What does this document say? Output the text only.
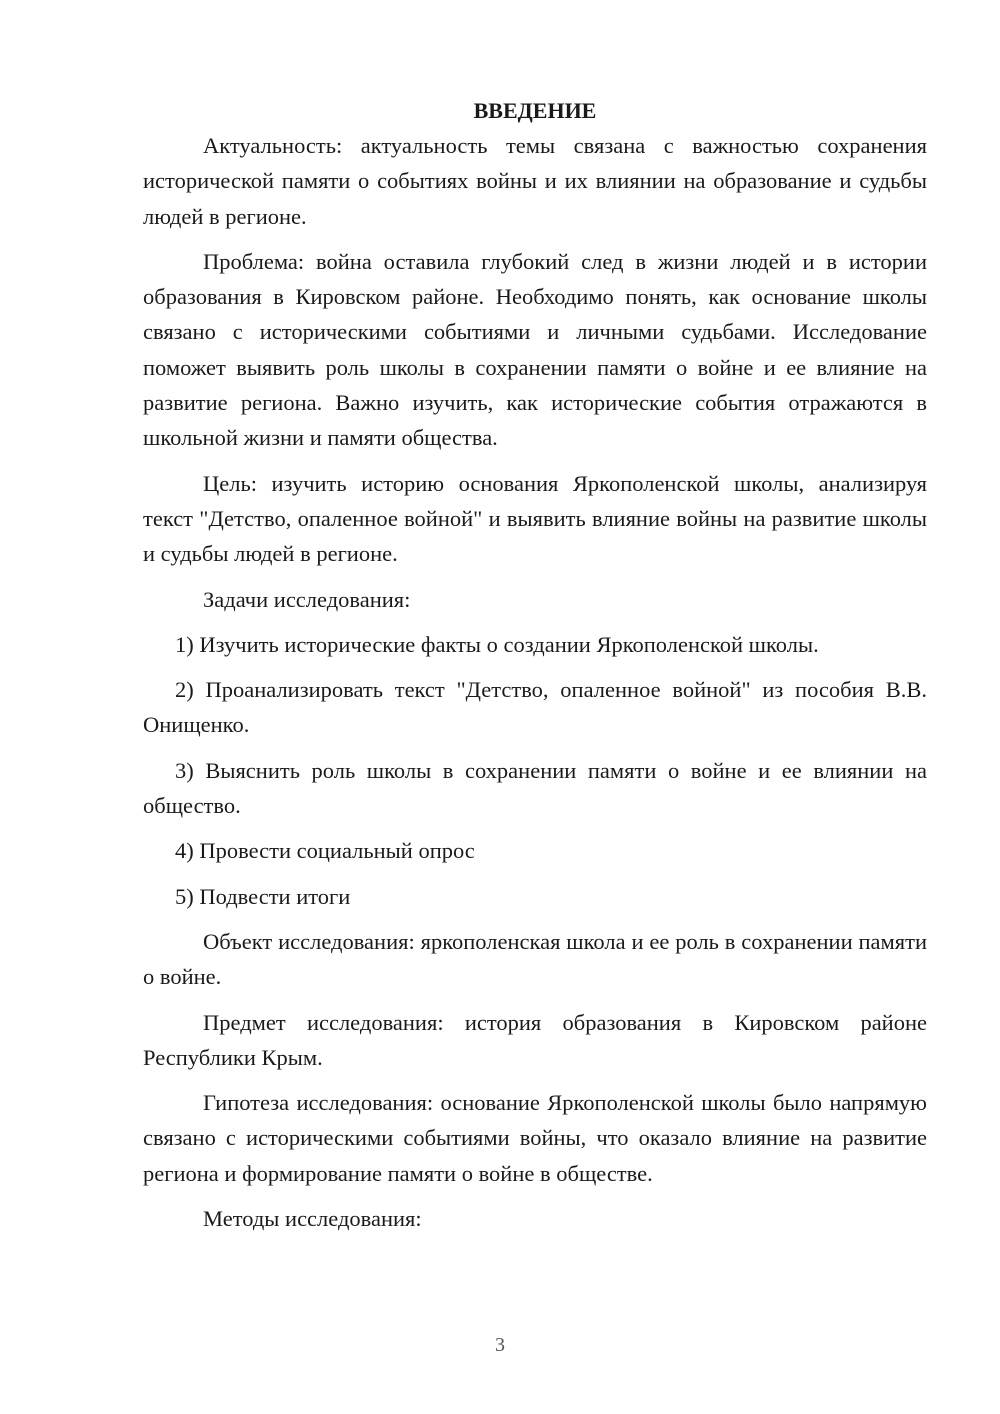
ВВЕДЕНИЕ

Актуальность: актуальность темы связана с важностью сохранения исторической памяти о событиях войны и их влиянии на образование и судьбы людей в регионе.

Проблема: война оставила глубокий след в жизни людей и в истории образования в Кировском районе. Необходимо понять, как основание школы связано с историческими событиями и личными судьбами. Исследование поможет выявить роль школы в сохранении памяти о войне и ее влияние на развитие региона. Важно изучить, как исторические события отражаются в школьной жизни и памяти общества.

Цель: изучить историю основания Яркополенской школы, анализируя текст "Детство, опаленное войной" и выявить влияние войны на развитие школы и судьбы людей в регионе.

Задачи исследования:

1) Изучить исторические факты о создании Яркополенской школы.

2) Проанализировать текст "Детство, опаленное войной" из пособия В.В. Онищенко.

3) Выяснить роль школы в сохранении памяти о войне и ее влиянии на общество.

4) Провести социальный опрос

5) Подвести итоги

Объект исследования: яркополенская школа и ее роль в сохранении памяти о войне.

Предмет исследования: история образования в Кировском районе Республики Крым.

Гипотеза исследования: основание Яркополенской школы было напрямую связано с историческими событиями войны, что оказало влияние на развитие региона и формирование памяти о войне в обществе.

Методы исследования:

3
